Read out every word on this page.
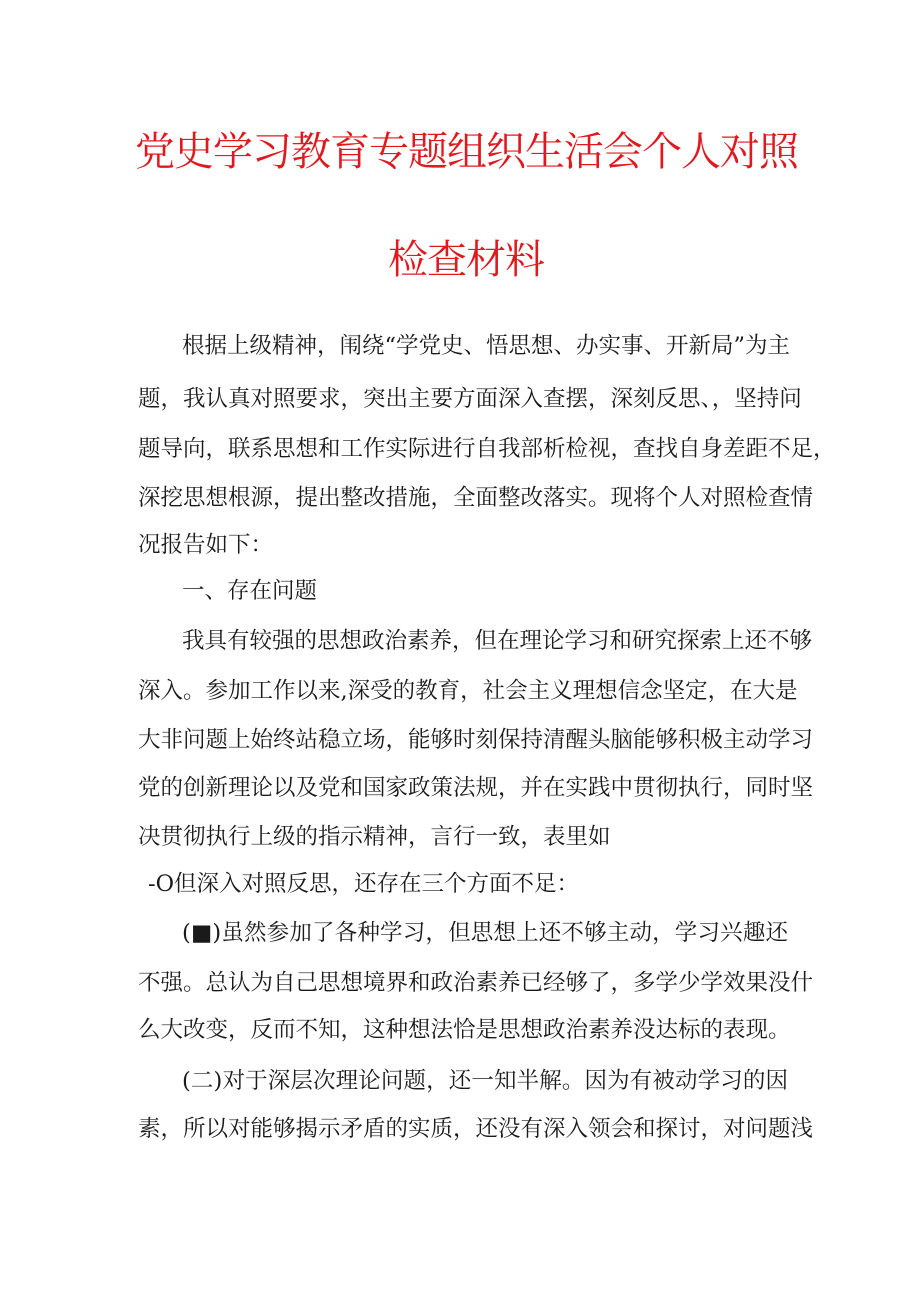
党史学习教育专题组织生活会个人对照
检查材料
根据上级精神，闱绕“学党史、悟思想、办实事、开新局”为主
题，我认真对照要求，突出主要方面深入查摆，深刻反思、，坚持问
题导向，联系思想和工作实际进行自我部析检视，查找自身差距不足，
深挖思想根源，提出整改措施，全面整改落实。现将个人对照检查情
况报告如下：
一、存在问题
我具有较强的思想政治素养，但在理论学习和研究探索上还不够
深入。参加工作以来,深受的教育，社会主义理想信念坚定，在大是
大非问题上始终站稳立场，能够时刻保持清醒头脑能够积极主动学习
党的创新理论以及党和国家政策法规，并在实践中贯彻执行，同时坚
决贯彻执行上级的指示精神，言行一致，表里如
-O但深入对照反思，还存在三个方面不足：
(■)虽然参加了各种学习，但思想上还不够主动，学习兴趣还
不强。总认为自己思想境界和政治素养已经够了，多学少学效果没什
么大改变，反而不知，这种想法恰是思想政治素养没达标的表现。
(二)对于深层次理论问题，还一知半解。因为有被动学习的因
素，所以对能够揭示矛盾的实质，还没有深入领会和探讨，对问题浅
